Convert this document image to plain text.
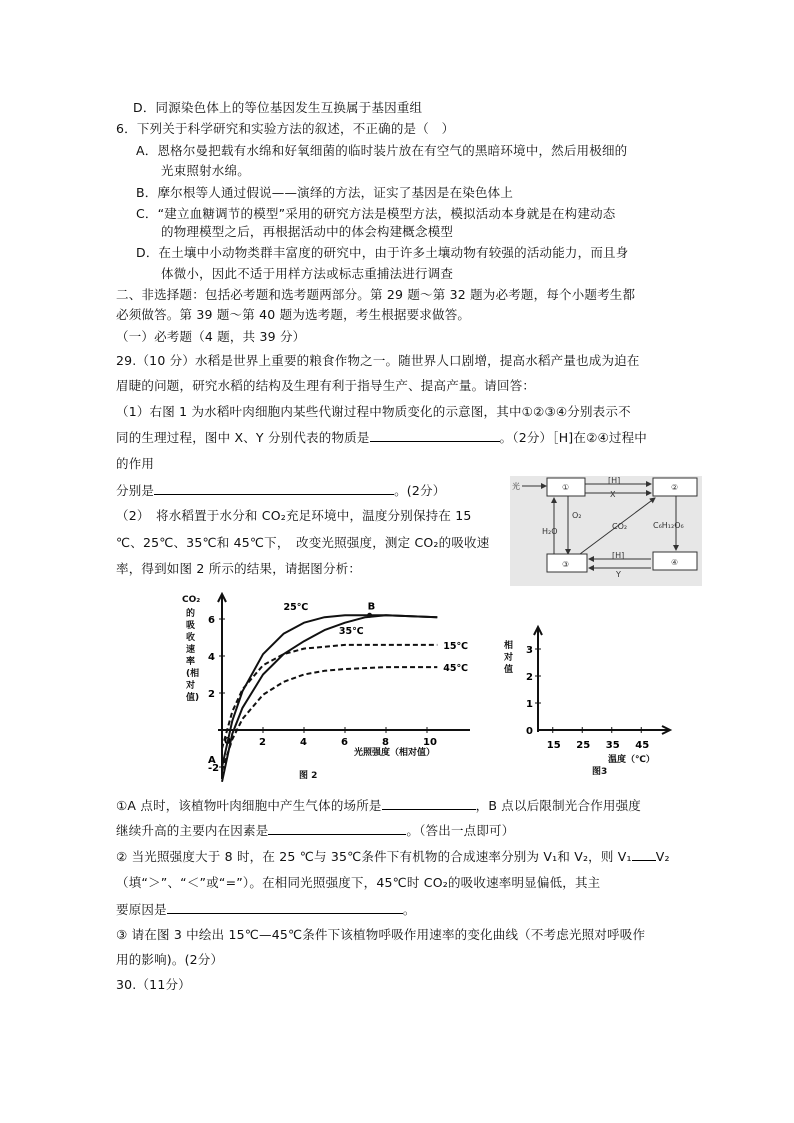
D．同源染色体上的等位基因发生互换属于基因重组
6．下列关于科学研究和实验方法的叙述，不正确的是（　）
A．恩格尔曼把载有水绵和好氧细菌的临时装片放在有空气的黑暗环境中，然后用极细的
光束照射水绵。
B．摩尔根等人通过假说——演绎的方法，证实了基因是在染色体上
C．“建立血糖调节的模型”采用的研究方法是模型方法，模拟活动本身就是在构建动态
的物理模型之后，再根据活动中的体会构建概念模型
D．在土壤中小动物类群丰富度的研究中，由于许多土壤动物有较强的活动能力，而且身
体微小，因此不适于用样方法或标志重捕法进行调查
二、非选择题：包括必考题和选考题两部分。第 29 题～第 32 题为必考题，每个小题考生都
必须做答。第 39 题～第 40 题为选考题，考生根据要求做答。
（一）必考题（4 题，共 39 分）
29.（10 分）水稻是世界上重要的粮食作物之一。随世界人口剧增，提高水稻产量也成为迫在
眉睫的问题，研究水稻的结构及生理有利于指导生产、提高产量。请回答：
（1）右图 1 为水稻叶肉细胞内某些代谢过程中物质变化的示意图，其中①②③④分别表示不
同的生理过程，图中 X、Y 分别代表的物质是	。（2分）［H]在②④过程中
的作用
分别是	。(2分）
（2）　将水稻置于水分和 CO₂充足环境中，温度分别保持在 15
℃、25℃、35℃和 45℃下，　改变光照强度，测定 CO₂的吸收速
率，得到如图 2 所示的结果，请据图分析：
①A 点时，该植物叶肉细胞中产生气体的场所是	，B 点以后限制光合作用强度
继续升高的主要内在因素是	。（答出一点即可）
② 当光照强度大于 8 时，在 25 ℃与 35℃条件下有机物的合成速率分别为 V₁和 V₂，则 V₁ V₂
（填“＞”、“＜”或“=”）。在相同光照强度下，45℃时 CO₂的吸收速率明显偏低，其主
要原因是	。
③ 请在图 3 中绘出 15℃—45℃条件下该植物呼吸作用速率的变化曲线（不考虑光照对呼吸作
用的影响)。(2分）
30.（11分）
光	①	②
[H]
X
O₂
H₂O
CO₂	C₆H₁₂O₆
③	④
[H]
Y
CO₂
的
吸
收
速
率
(相
对
值)
光照强度（相对值）
图 2
-2
2
4
6
2	4	6	8	10
0
25℃
35℃
15℃
45℃
B
A
相
对
值
温度（℃）
图3
0
1
2
3
15 25 35 45
